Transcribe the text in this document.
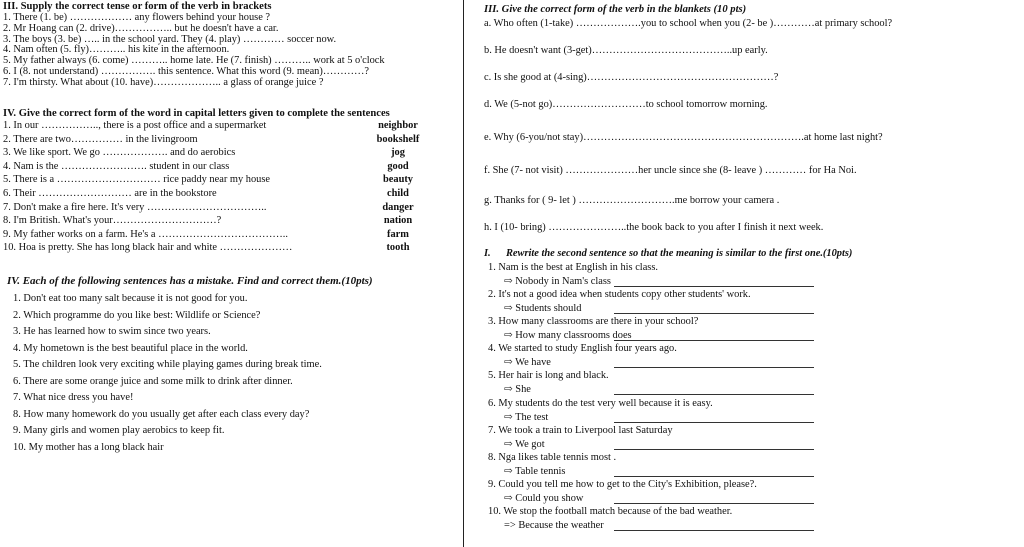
III. Supply the correct tense or form of the verb in brackets
1. There (1. be) ……………… any flowers behind your house ?
2. Mr Hoang can (2. drive)…………….. but he doesn't have a car.
3. The boys (3. be) ….. in the school yard. They (4. play) ………… soccer now.
4. Nam often (5. fly)……….. his kite in the afternoon.
5. My father always (6. come) ……….. home late. He (7. finish) ……….. work at 5 o'clock
6. I (8. not understand) ……………. this sentence. What this word (9. mean)…………?
7. I'm thirsty. What about (10. have)……………….. a glass of orange juice ?
IV. Give the correct form of the word in capital letters given to complete the sentences
1. In our …………….., there is a post office and a supermarket	neighbor
2. There are two…………… in the livingroom	bookshelf
3. We like sport. We go ………………. and do aerobics	jog
4. Nam is the ……………………. student in our class	good
5. There is a ………………………… rice paddy near my house	beauty
6. Their ……………………… are in the bookstore	child
7. Don't make a fire here. It's very ……………………………..	danger
8. I'm British. What's your…………………………?	nation
9. My father works on a farm. He's a ………………………………..	farm
10. Hoa is pretty. She has long black hair and white …………………	tooth
IV. Each of the following sentences has a mistake. Find and correct them.(10pts)
1. Don't eat too many salt because it is not good for you.
2. Which programme do you like best: Wildlife or Science?
3. He has learned how to swim since two years.
4. My hometown is the best beautiful place in the world.
5. The children look very exciting while playing games during break time.
6. There are some orange juice and some milk to drink after dinner.
7. What nice dress you have!
8. How many homework do you usually get after each class every day?
9. Many girls and women play aerobics to keep fit.
10. My mother has a long black hair
III. Give the correct form of the verb in the blankets (10 pts)
a. Who often (1-take) ……………….you to school when you (2- be )…………at primary school?
b. He doesn't want (3-get)…………………………………..up early.
c. Is she good at (4-sing)………………………………………………?
d. We (5-not go)………………………to school tomorrow morning.
e. Why (6-you/not stay)……………………………………………………….at home last night?
f. She (7- not visit) …………………her uncle since she (8- leave ) ………… for Ha Noi.
g. Thanks for ( 9- let ) ……………………….me borrow your camera .
h. I (10- bring) …………………..the book back to you after I finish it next week.
I. Rewrite the second sentence so that the meaning is similar to the first one.(10pts)
1. Nam is the best at English in his class.
⇨ Nobody in Nam's class
2. It's not a good idea when students copy other students' work.
⇨ Students should
3. How many classrooms are there in your school?
⇨ How many classrooms does
4. We started to study English four years ago.
⇨ We have
5. Her hair is long and black.
⇨ She
6. My students do the test very well because it is easy.
⇨ The test
7. We took a train to Liverpool last Saturday
⇨ We got
8. Nga likes table tennis most .
⇨ Table tennis
9. Could you tell me how to get to the City's Exhibition, please?.
⇨ Could you show
10. We stop the football match because of the bad weather.
=> Because the weather
